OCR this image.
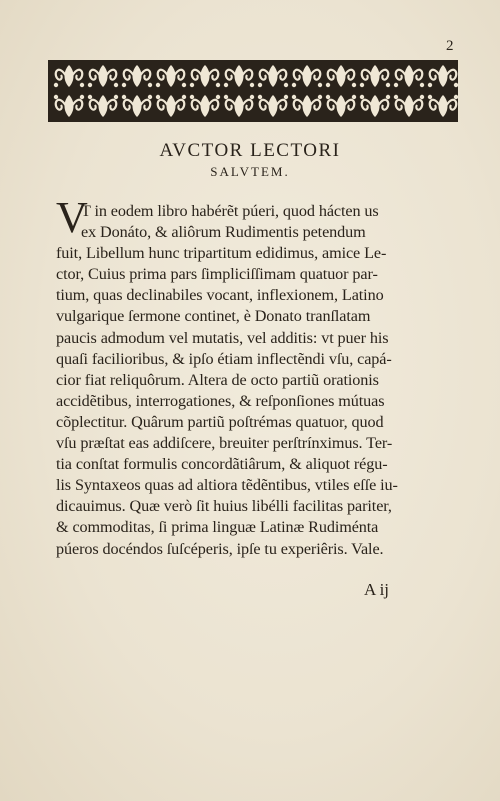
2
AVCTOR LECTORI
SALVTEM.
V
T in eodem libro habérẽt púeri, quod hácten us
ex Donáto, & aliôrum Rudimentis petendum
fuit, Libellum hunc tripartitum edidimus, amice Le-
ctor, Cuius prima pars ſimpliciſſimam quatuor par-
tium, quas declinabiles vocant, inflexionem, Latino
vulgarique ſermone continet, è Donato tranſlatam
paucis admodum vel mutatis, vel additis: vt puer his
quaſi facilioribus, & ipſo étiam inflectẽndi vſu, capá-
cior fiat reliquôrum. Altera de octo partiũ orationis
accidẽtibus, interrogationes, & reſponſiones mútuas
cõplectitur. Quârum partiũ poſtrémas quatuor, quod
vſu præſtat eas addiſcere, breuiter perſtrínximus. Ter-
tia conſtat formulis concordãtiârum, & aliquot régu-
lis Syntaxeos quas ad altiora tẽdẽntibus, vtiles eſſe iu-
dicauimus. Quæ verò ſit huius libélli facilitas pariter,
& commoditas, ſi prima linguæ Latinæ Rudiménta
púeros docéndos ſuſcéperis, ipſe tu experiêris. Vale.
A ij
